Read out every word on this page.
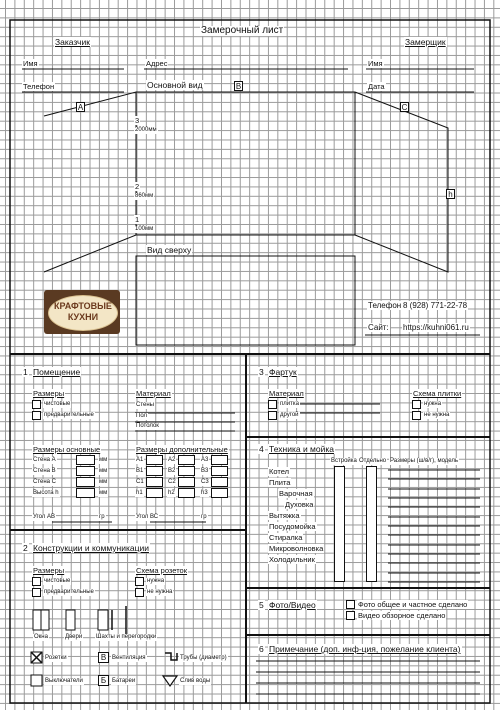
Замерочный лист
Заказчик	Замерщик
Имя	Адрес	Имя
Телефон	Основной вид	Дата
A
B
C
h
3
2000мм
2
860мм
1
100мм
Вид сверху
КРАФТОВЫЕ
КУХНИ
Телефон 8 (928) 771-22-78
Сайт: https://kuhni061.ru
1 Помещение
Размеры
чистовые
предварительные
Материал
Стены
Пол
Потолок
Размеры основные	Размеры дополнительные
Стена А	мм
Стена B	мм
Стена C	мм
Высота h	мм
A1	A2	A3
B1	B2	B3
C1	C2	C3
h1	h2	h3
Угол АВ	гр	Угол ВС	гр
2 Конструкции и коммуникации
Размеры
чистовые
предварительные
Схема розеток
нужна
не нужна
Окна	Двери Шахты и перегородки
Розетки	В Вентиляция	Трубы (диаметр)
Выключатели	Б Батареи	Слив воды
3 Фартук
Материал
плитка
другой
Схема плитки
нужна
не нужна
4 Техника и мойка
Встройка Отдельно Размеры (ш/в/г), модель
Котел
Плита
Варочная
Духовка
Вытяжка
Посудомойка
Стиралка
Микроволновка
Холодильник
5 Фото/Видео	Фото общее и частное сделано
Видео обзорное сделано
6 Примечание (доп. инф-ция, пожелание клиента)
